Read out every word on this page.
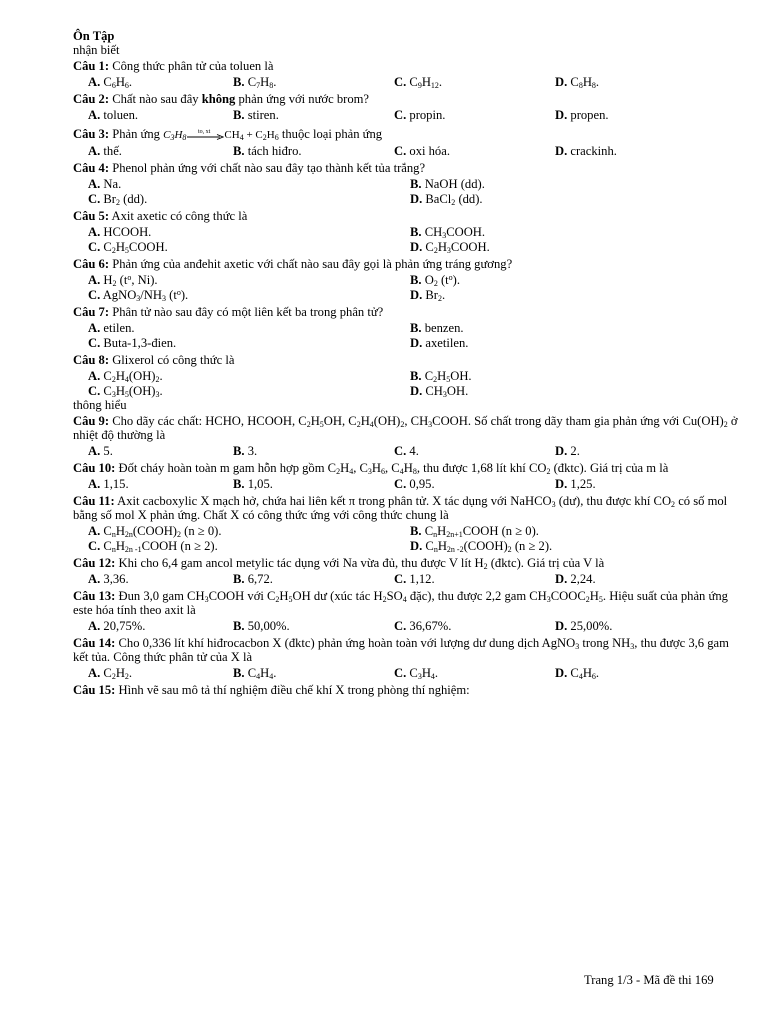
Ôn Tập
nhận biết
Câu 1: Công thức phân tử của toluen là
A. $C_6H_6$.	B. $C_7H_8$.	C. $C_9H_{12}$.	D. $C_8H_8$.
Câu 2: Chất nào sau đây không phản ứng với nước brom?
A. toluen.	B. stiren.	C. propin.	D. propen.
Câu 3: Phản ứng $C_3H_8$
to, xt $CH_4 + C_2H_6$ thuộc loại phản ứng
A. thế.	B. tách hiđro.	C. oxi hóa.	D. crackinh.
Câu 4: Phenol phản ứng với chất nào sau đây tạo thành kết tủa trắng?
A. Na.	B. NaOH (dd).
C. $Br_2$ (dd).	D. BaCl$_2$ (dd).
Câu 5: Axit axetic có công thức là
A. HCOOH.	B. $CH_3COOH$.
C. $C_2H_5COOH$.	D. $C_2H_3COOH$.
Câu 6: Phản ứng của anđehit axetic với chất nào sau đây gọi là phản ứng tráng gương?
A. $H_2$ ($t^o$, Ni).	B. $O_2$ $(t^o)$.
C. $AgNO_3/NH_3$ $(t^o)$.	D. $Br_2$.
Câu 7: Phân tử nào sau đây có một liên kết ba trong phân tử?
A. etilen.	B. benzen.
C. Buta-1,3-đien.	D. axetilen.
Câu 8: Glixerol có công thức là
A. $C_2H_4(OH)_2$.	B. $C_2H_5OH$.
C. $C_3H_5(OH)_3$.	D. $CH_3OH$.
thông hiểu
Câu 9: Cho dãy các chất: HCHO, HCOOH, $C_2H_5OH$, $C_2H_4(OH)_2$, $CH_3COOH$. Số chất trong dãy tham gia phản ứng với $Cu(OH)_2$ ở nhiệt độ thường là
A. 5.	B. 3.	C. 4.	D. 2.
Câu 10: Đốt cháy hoàn toàn m gam hỗn hợp gồm $C_2H_4$, $C_3H_6$, $C_4H_8$, thu được 1,68 lít khí $CO_2$ (đktc). Giá trị của m là
A. 1,15.	B. 1,05.	C. 0,95.	D. 1,25.
Câu 11: Axit cacboxylic X mạch hở, chứa hai liên kết π trong phân tử. X tác dụng với NaHCO$_3$ (dư), thu được khí $CO_2$ có số mol bằng số mol X phản ứng. Chất X có công thức ứng với công thức chung là
A. $C_nH_{2n}(COOH)_2$ (n ≥ 0).	B. $C_nH_{2n+1}COOH$ (n ≥ 0).
C. $C_nH_{2n -1}COOH$ (n ≥ 2).	D. $C_nH_{2n -2}(COOH)_2$ (n ≥ 2).
Câu 12: Khi cho 6,4 gam ancol metylic tác dụng với Na vừa đủ, thu được V lít $H_2$ (đktc). Giá trị của V là
A. 3,36.	B. 6,72.	C. 1,12.	D. 2,24.
Câu 13: Đun 3,0 gam $CH_3COOH$ với $C_2H_5OH$ dư (xúc tác $H_2SO_4$ đặc), thu được 2,2 gam $CH_3COOC_2H_5$. Hiệu suất của phản ứng este hóa tính theo axit là
A. 20,75%.	B. 50,00%.	C. 36,67%.	D. 25,00%.
Câu 14: Cho 0,336 lít khí hiđrocacbon X (đktc) phản ứng hoàn toàn với lượng dư dung dịch AgNO$_3$ trong $NH_3$, thu được 3,6 gam kết tủa. Công thức phân tử của X là
A. $C_2H_2$.	B. $C_4H_4$.	C. $C_3H_4$.	D. $C_4H_6$.
Câu 15: Hình vẽ sau mô tả thí nghiệm điều chế khí X trong phòng thí nghiệm:
Trang 1/3 - Mã đề thi 169
